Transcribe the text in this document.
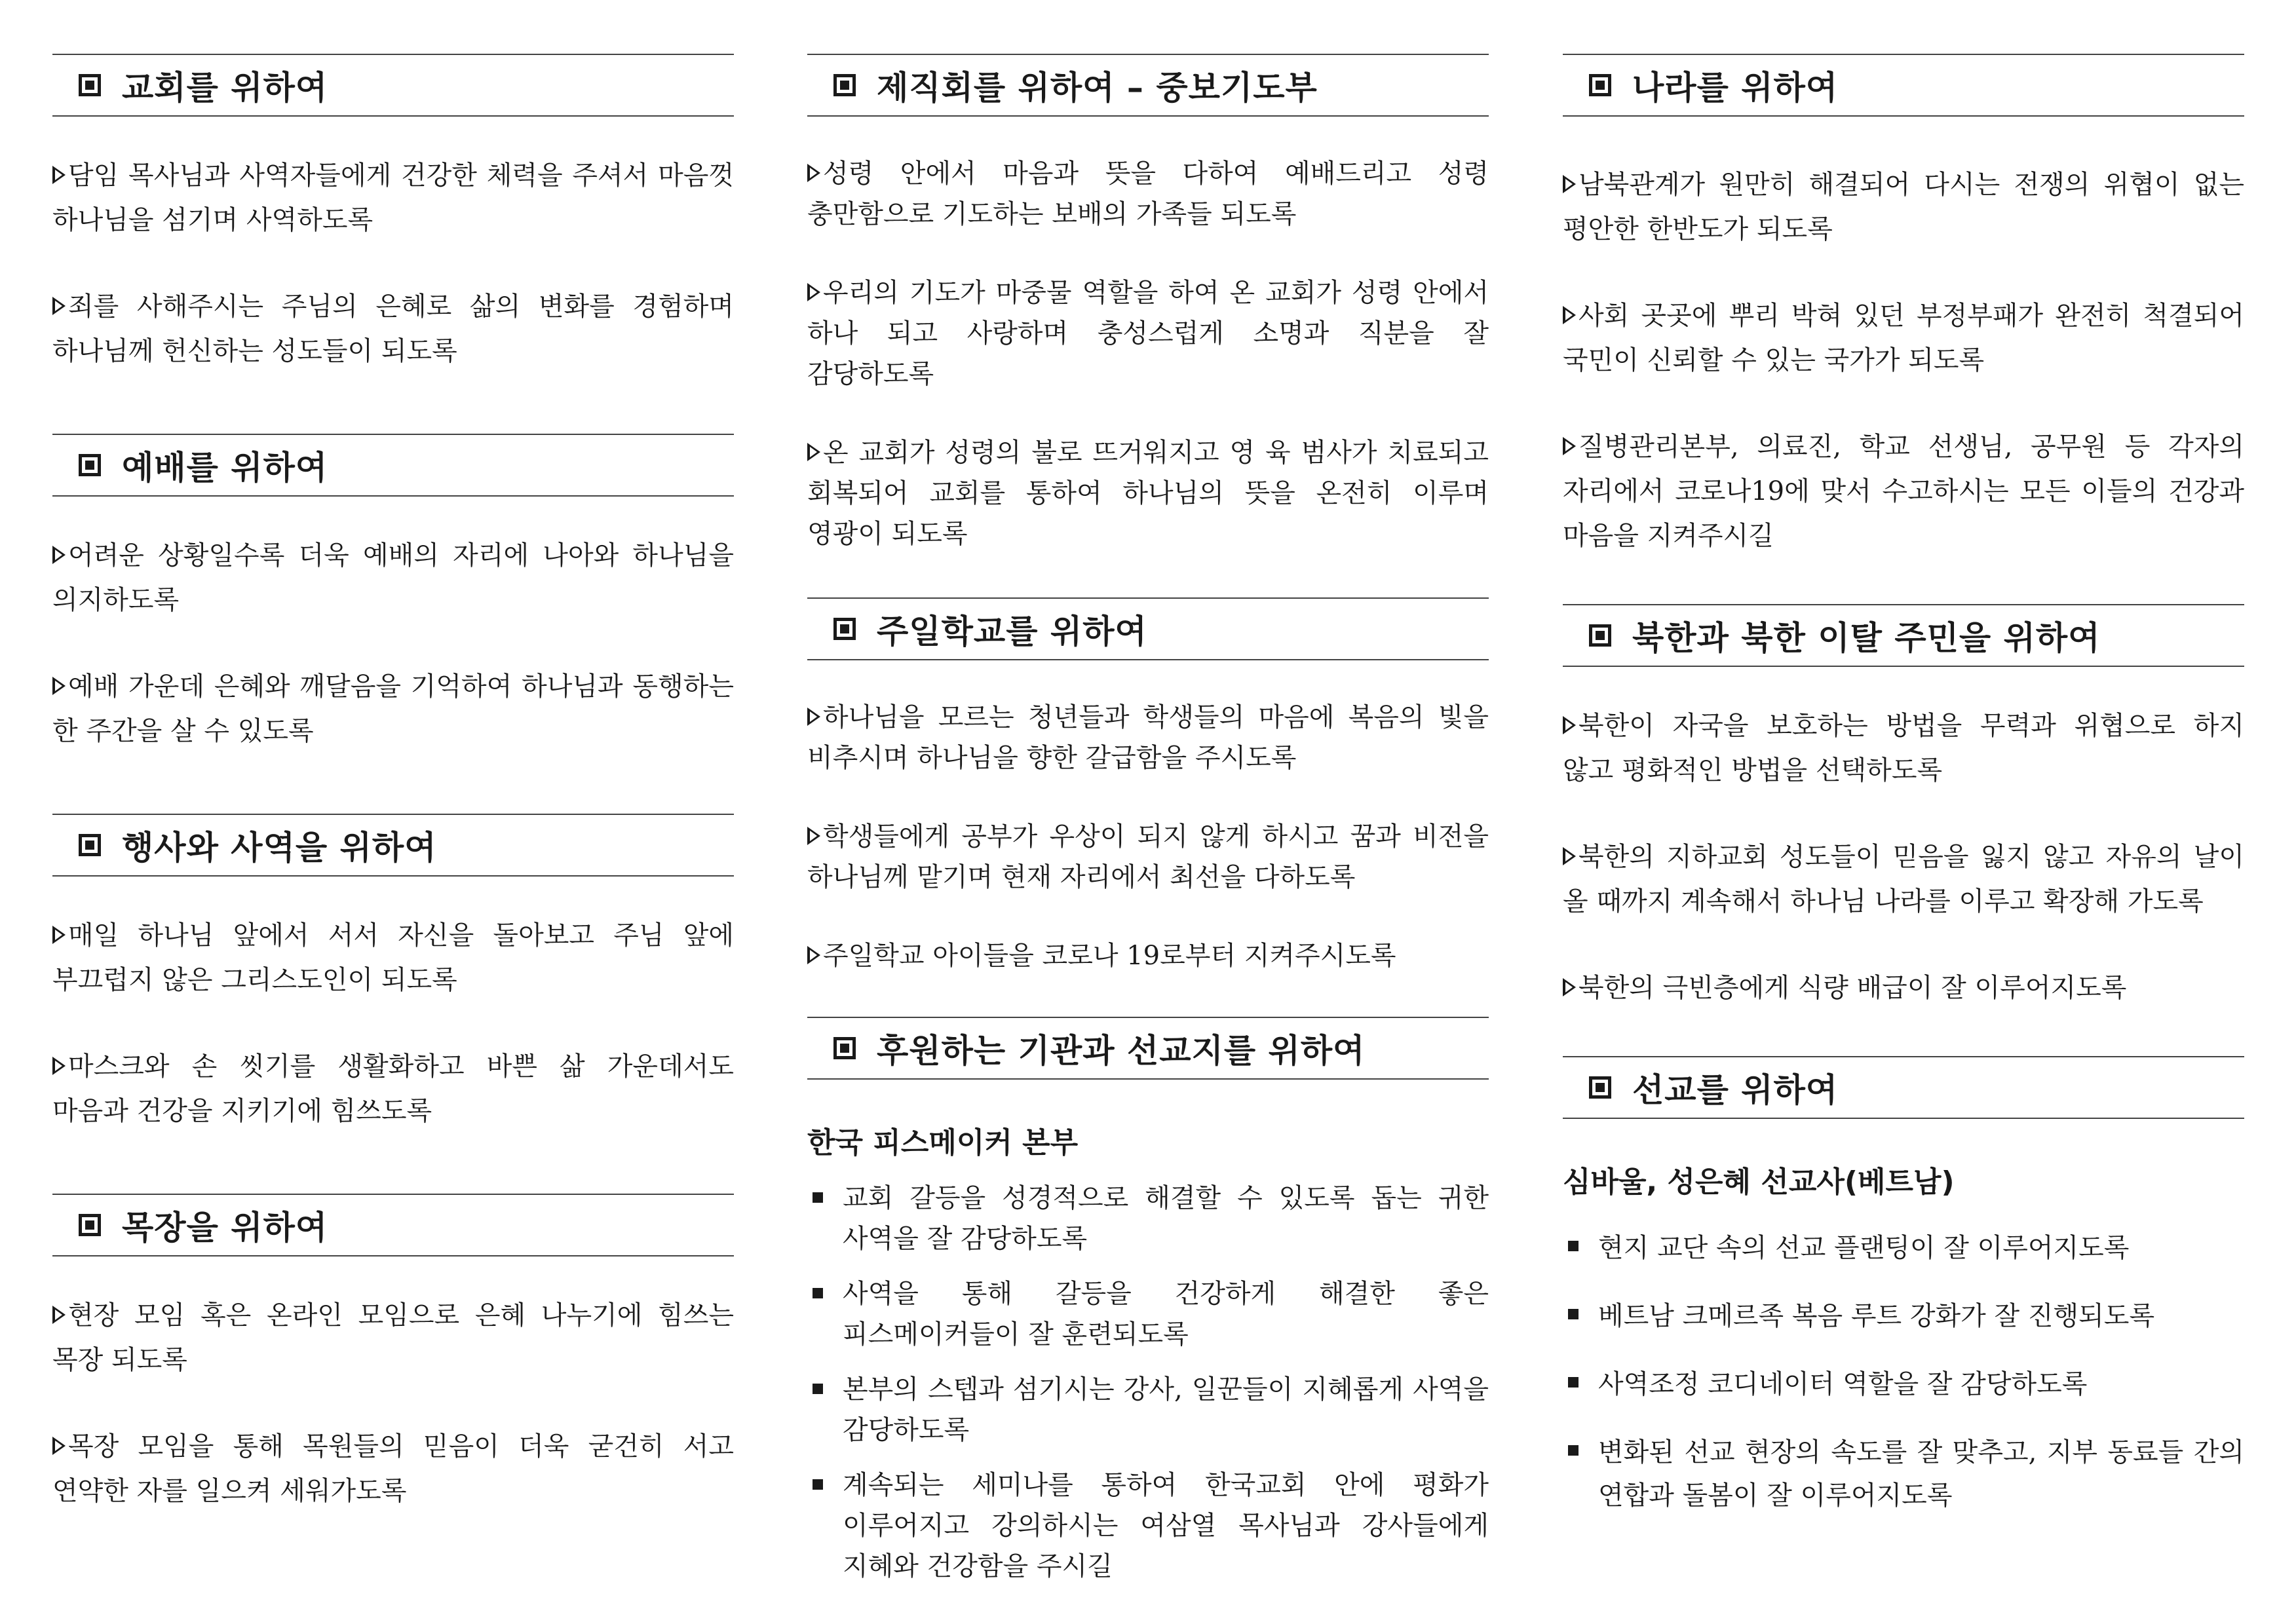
교회를 위하여

담임 목사님과 사역자들에게 건강한 체력을 주셔서 마음껏 하나님을 섬기며 사역하도록

죄를 사해주시는 주님의 은혜로 삶의 변화를 경험하며 하나님께 헌신하는 성도들이 되도록

예배를 위하여

어려운 상황일수록 더욱 예배의 자리에 나아와 하나님을 의지하도록

예배 가운데 은혜와 깨달음을 기억하여 하나님과 동행하는 한 주간을 살 수 있도록

행사와 사역을 위하여

매일 하나님 앞에서 서서 자신을 돌아보고 주님 앞에 부끄럽지 않은 그리스도인이 되도록

마스크와 손 씻기를 생활화하고 바쁜 삶 가운데서도 마음과 건강을 지키기에 힘쓰도록

목장을 위하여

현장 모임 혹은 온라인 모임으로 은혜 나누기에 힘쓰는 목장 되도록

목장 모임을 통해 목원들의 믿음이 더욱 굳건히 서고 연약한 자를 일으켜 세워가도록

제직회를 위하여 – 중보기도부

성령 안에서 마음과 뜻을 다하여 예배드리고 성령 충만함으로 기도하는 보배의 가족들 되도록

우리의 기도가 마중물 역할을 하여 온 교회가 성령 안에서 하나 되고 사랑하며 충성스럽게 소명과 직분을 잘 감당하도록

온 교회가 성령의 불로 뜨거워지고 영 육 범사가 치료되고 회복되어 교회를 통하여 하나님의 뜻을 온전히 이루며 영광이 되도록

주일학교를 위하여

하나님을 모르는 청년들과 학생들의 마음에 복음의 빛을 비추시며 하나님을 향한 갈급함을 주시도록

학생들에게 공부가 우상이 되지 않게 하시고 꿈과 비전을 하나님께 맡기며 현재 자리에서 최선을 다하도록

주일학교 아이들을 코로나 19로부터 지켜주시도록

후원하는 기관과 선교지를 위하여
한국 피스메이커 본부
교회 갈등을 성경적으로 해결할 수 있도록 돕는 귀한 사역을 잘 감당하도록
사역을 통해 갈등을 건강하게 해결한 좋은 피스메이커들이 잘 훈련되도록
본부의 스텝과 섬기시는 강사, 일꾼들이 지혜롭게 사역을 감당하도록
계속되는 세미나를 통하여 한국교회 안에 평화가 이루어지고 강의하시는 여삼열 목사님과 강사들에게 지혜와 건강함을 주시길
나라를 위하여

남북관계가 원만히 해결되어 다시는 전쟁의 위협이 없는 평안한 한반도가 되도록

사회 곳곳에 뿌리 박혀 있던 부정부패가 완전히 척결되어 국민이 신뢰할 수 있는 국가가 되도록

질병관리본부, 의료진, 학교 선생님, 공무원 등 각자의 자리에서 코로나19에 맞서 수고하시는 모든 이들의 건강과 마음을 지켜주시길

북한과 북한 이탈 주민을 위하여

북한이 자국을 보호하는 방법을 무력과 위협으로 하지 않고 평화적인 방법을 선택하도록

북한의 지하교회 성도들이 믿음을 잃지 않고 자유의 날이 올 때까지 계속해서 하나님 나라를 이루고 확장해 가도록

북한의 극빈층에게 식량 배급이 잘 이루어지도록

선교를 위하여
심바울, 성은혜 선교사(베트남)
현지 교단 속의 선교 플랜팅이 잘 이루어지도록
베트남 크메르족 복음 루트 강화가 잘 진행되도록
사역조정 코디네이터 역할을 잘 감당하도록
변화된 선교 현장의 속도를 잘 맞추고, 지부 동료들 간의 연합과 돌봄이 잘 이루어지도록
